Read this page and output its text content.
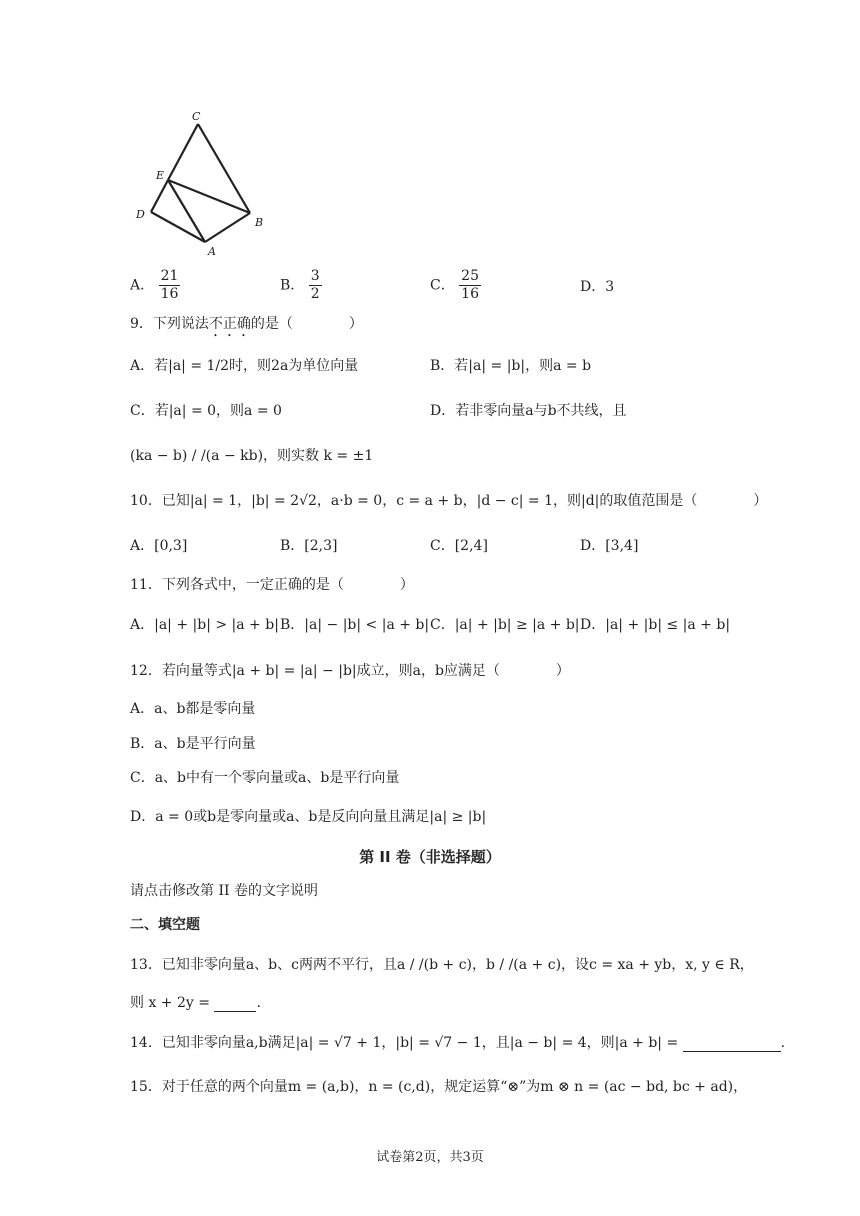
C
E
D
B
A
A． $\frac{21}{16}$	B． $\frac{3}{2}$	C． $\frac{25}{16}$	D．3
9．下列说法不正确的是（　　　　）
A．若|a| = 1/2时，则2a为单位向量	B．若|a| = |b|，则a = b
C．若|a| = 0，则a = 0	D．若非零向量a与b不共线，且
(ka − b) / /(a − kb)，则实数 k = ±1
10．已知|a| = 1，|b| = 2√2，a·b = 0，c = a + b，|d − c| = 1，则|d|的取值范围是（　　　　）
A．[0,3]	B．[2,3]	C．[2,4]	D．[3,4]
11．下列各式中，一定正确的是（　　　　）
A．|a| + |b| > |a + b| B．|a| − |b| < |a + b| C．|a| + |b| ≥ |a + b| D．|a| + |b| ≤ |a + b|
12．若向量等式|a + b| = |a| − |b|成立，则a，b应满足（　　　　）
A．a、b都是零向量
B．a、b是平行向量
C．a、b中有一个零向量或a、b是平行向量
D．a = 0或b是零向量或a、b是反向向量且满足|a| ≥ |b|
第 II 卷（非选择题）
请点击修改第 II 卷的文字说明
二、填空题
13．已知非零向量a、b、c两两不平行，且a / /(b + c)，b / /(a + c)，设c = xa + yb，x, y ∈ R，
则 x + 2y =	.
14．已知非零向量a,b满足|a| = √7 + 1，|b| = √7 − 1，且|a − b| = 4，则|a + b| =	.
15．对于任意的两个向量m = (a,b)，n = (c,d)，规定运算“⊗”为m ⊗ n = (ac − bd, bc + ad)，
试卷第2页，共3页
